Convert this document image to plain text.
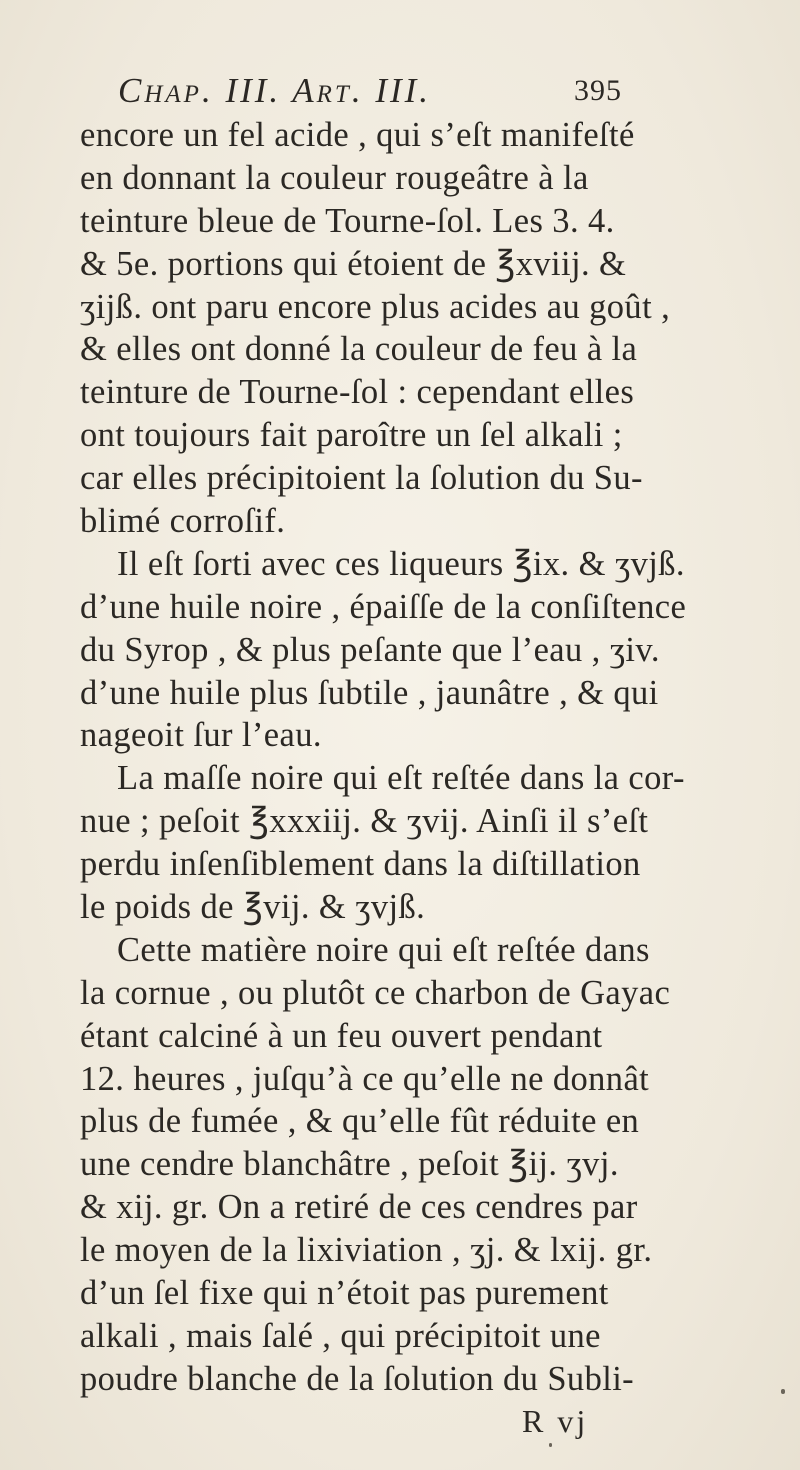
Chap. III. Art. III.	395
encore un fel acide , qui s’eſt manifeſté
en donnant la couleur rougeâtre à la
teinture bleue de Tourne-ſol. Les 3. 4.
& 5e. portions qui étoient de ℥xviij. &
ʒijß. ont paru encore plus acides au goût ,
& elles ont donné la couleur de feu à la
teinture de Tourne-ſol : cependant elles
ont toujours fait paroître un ſel alkali ;
car elles précipitoient la ſolution du Su-
blimé corroſif.
Il eſt ſorti avec ces liqueurs ℥ix. & ʒvjß.
d’une huile noire , épaiſſe de la conſiſtence
du Syrop , & plus peſante que l’eau , ʒiv.
d’une huile plus ſubtile , jaunâtre , & qui
nageoit ſur l’eau.
La maſſe noire qui eſt reſtée dans la cor-
nue ; peſoit ℥xxxiij. & ʒvij. Ainſi il s’eſt
perdu inſenſiblement dans la diſtillation
le poids de ℥vij. & ʒvjß.
Cette matière noire qui eſt reſtée dans
la cornue , ou plutôt ce charbon de Gayac
étant calciné à un feu ouvert pendant
12. heures , juſqu’à ce qu’elle ne donnât
plus de fumée , & qu’elle fût réduite en
une cendre blanchâtre , peſoit ℥ij. ʒvj.
& xij. gr. On a retiré de ces cendres par
le moyen de la lixiviation , ʒj. & lxij. gr.
d’un ſel fixe qui n’étoit pas purement
alkali , mais ſalé , qui précipitoit une
poudre blanche de la ſolution du Subli-
R vj
